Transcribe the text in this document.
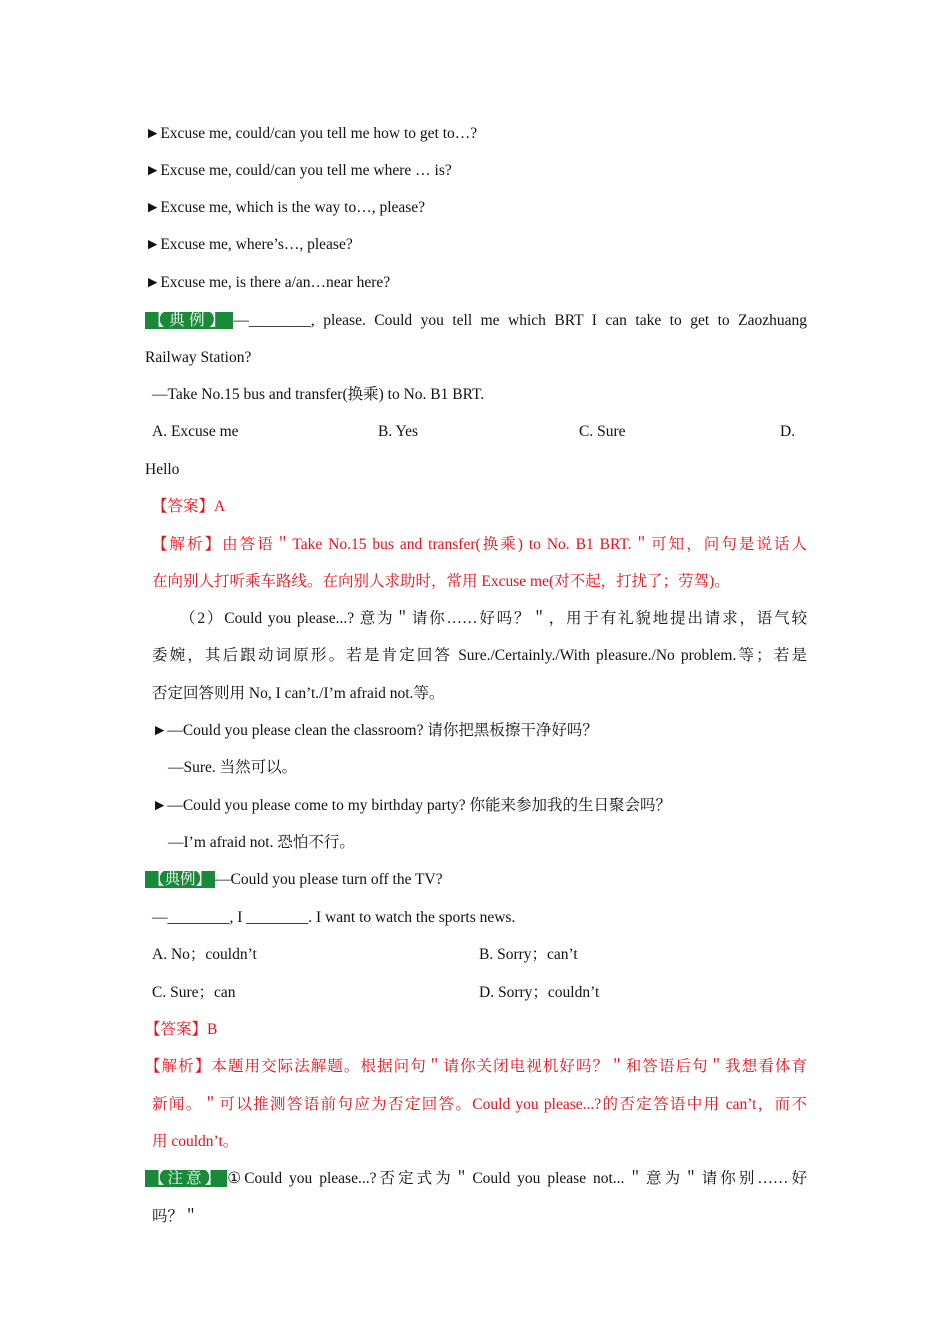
►Excuse me, could/can you tell me how to get to…?
►Excuse me, could/can you tell me where … is?
►Excuse me, which is the way to…, please?
►Excuse me, where’s…, please?
►Excuse me, is there a/an…near here?
【典例】 —________, please. Could you tell me which BRT I can take to get to Zaozhuang
Railway Station?
—Take No.15 bus and transfer(换乘) to No. B1 BRT.
A. Excuse me	B. Yes	C. Sure	D.
Hello
【答案】A
【解析】由答语＂Take No.15 bus and transfer(换乘) to No. B1 BRT.＂可知，问句是说话人
在向别人打听乘车路线。在向别人求助时，常用 Excuse me(对不起，打扰了；劳驾)。
（2）Could you please...? 意为＂请你……好吗？＂，用于有礼貌地提出请求，语气较
委婉，其后跟动词原形。若是肯定回答 Sure./Certainly./With pleasure./No problem.等；若是
否定回答则用 No, I can’t./I’m afraid not.等。
►—Could you please clean the classroom? 请你把黑板擦干净好吗？
—Sure. 当然可以。
►—Could you please come to my birthday party? 你能来参加我的生日聚会吗？
—I’m afraid not. 恐怕不行。
【典例】 —Could you please turn off the TV?
—________, I ________. I want to watch the sports news.
A. No；couldn’t	B. Sorry；can’t
C. Sure；can	D. Sorry；couldn’t
【答案】B
【解析】本题用交际法解题。根据问句＂请你关闭电视机好吗？＂和答语后句＂我想看体育
新闻。＂可以推测答语前句应为否定回答。Could you please...?的否定答语中用 can’t，而不
用 couldn’t。
【注意】 ①Could you please...?否定式为＂Could you please not...＂意为＂请你别……好
吗？＂
